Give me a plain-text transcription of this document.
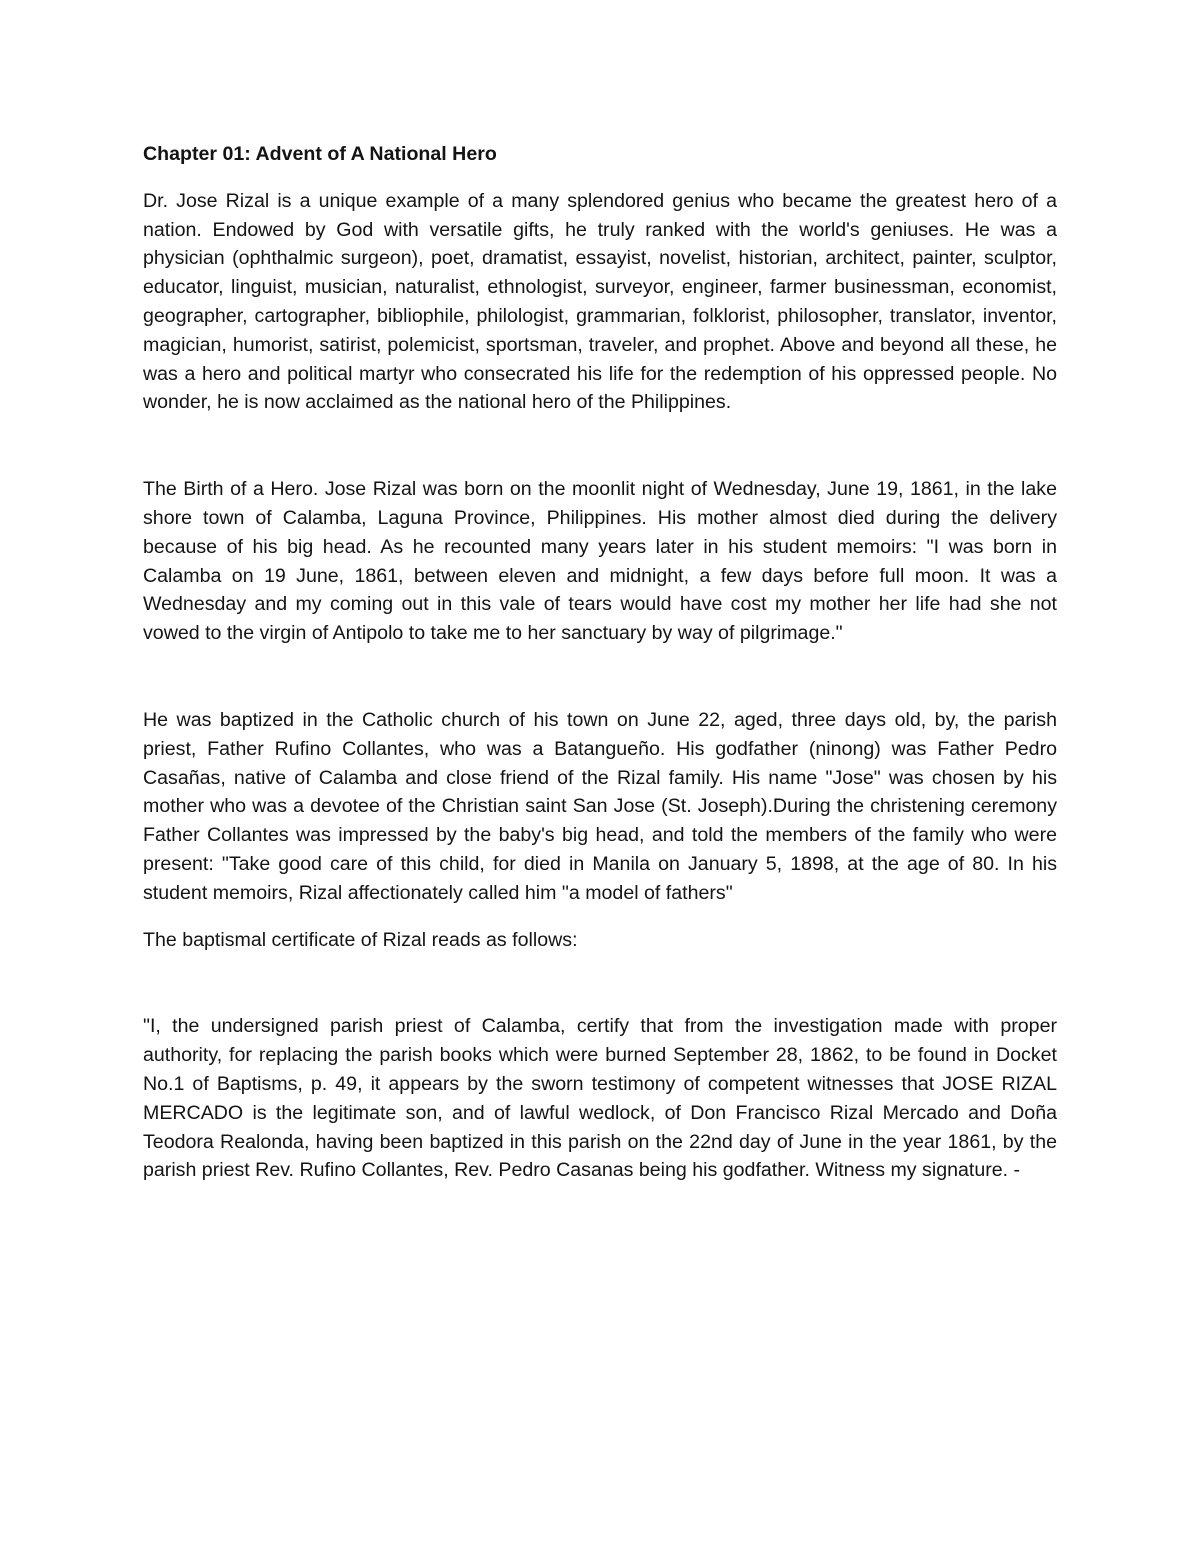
Chapter 01: Advent of A National Hero

Dr. Jose Rizal is a unique example of a many splendored genius who became the greatest hero of a nation. Endowed by God with versatile gifts, he truly ranked with the world's geniuses. He was a physician (ophthalmic surgeon), poet, dramatist, essayist, novelist, historian, architect, painter, sculptor, educator, linguist, musician, naturalist, ethnologist, surveyor, engineer, farmer businessman, economist, geographer, cartographer, bibliophile, philologist, grammarian, folklorist, philosopher, translator, inventor, magician, humorist, satirist, polemicist, sportsman, traveler, and prophet. Above and beyond all these, he was a hero and political martyr who consecrated his life for the redemption of his oppressed people. No wonder, he is now acclaimed as the national hero of the Philippines.

The Birth of a Hero. Jose Rizal was born on the moonlit night of Wednesday, June 19, 1861, in the lake shore town of Calamba, Laguna Province, Philippines. His mother almost died during the delivery because of his big head. As he recounted many years later in his student memoirs: "I was born in Calamba on 19 June, 1861, between eleven and midnight, a few days before full moon. It was a Wednesday and my coming out in this vale of tears would have cost my mother her life had she not vowed to the virgin of Antipolo to take me to her sanctuary by way of pilgrimage."

He was baptized in the Catholic church of his town on June 22, aged, three days old, by, the parish priest, Father Rufino Collantes, who was a Batangueño. His godfather (ninong) was Father Pedro Casañas, native of Calamba and close friend of the Rizal family. His name "Jose" was chosen by his mother who was a devotee of the Christian saint San Jose (St. Joseph).During the christening ceremony Father Collantes was impressed by the baby's big head, and told the members of the family who were present: "Take good care of this child, for died in Manila on January 5, 1898, at the age of 80. In his student memoirs, Rizal affectionately called him "a model of fathers"

The baptismal certificate of Rizal reads as follows:

"I, the undersigned parish priest of Calamba, certify that from the investigation made with proper authority, for replacing the parish books which were burned September 28, 1862, to be found in Docket No.1 of Baptisms, p. 49, it appears by the sworn testimony of competent witnesses that JOSE RIZAL MERCADO is the legitimate son, and of lawful wedlock, of Don Francisco Rizal Mercado and Doña Teodora Realonda, having been baptized in this parish on the 22nd day of June in the year 1861, by the parish priest Rev. Rufino Collantes, Rev. Pedro Casanas being his godfather. Witness my signature. -
